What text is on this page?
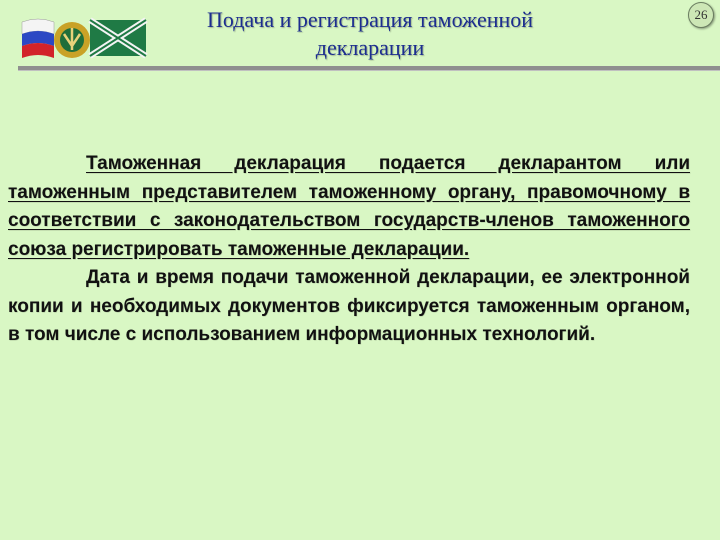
Подача и регистрация таможенной декларации
26

Таможенная декларация подается декларантом или таможенным представителем таможенному органу, правомочному в соответствии с законодательством государств-членов таможенного союза регистрировать таможенные декларации.

Дата и время подачи таможенной декларации, ее электронной копии и необходимых документов фиксируется таможенным органом, в том числе с использованием информационных технологий.
